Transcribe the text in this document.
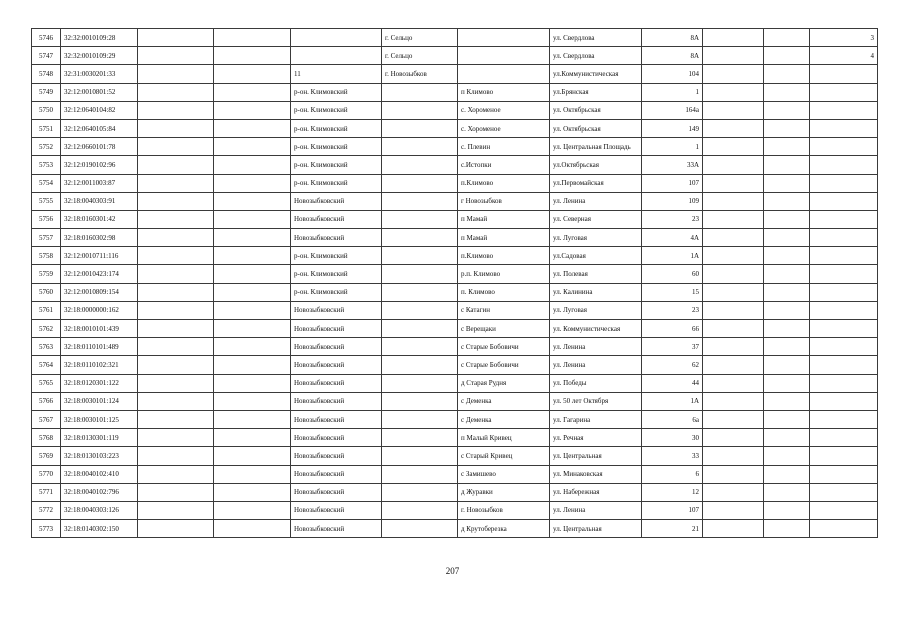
5746	32:32:0010109:28				г. Сельцо		ул. Свердлова	8А			3
5747	32:32:0010109:29				г. Сельцо		ул. Свердлова	8А			4
5748	32:31:0030201:33			11	г. Новозыбков		ул.Коммунистическая	104			
5749	32:12:0010801:52			р-он. Климовский		п Климово	ул.Брянская	1			
5750	32:12:0640104:82			р-он. Климовский		с. Хороменое	ул. Октябрьская	164а			
5751	32:12:0640105:84			р-он. Климовский		с. Хороменое	ул. Октябрьская	149			
5752	32:12:0660101:78			р-он. Климовский		с. Плевин	ул. Центральная Площадь	1			
5753	32:12:0190102:96			р-он. Климовский		с.Истопки	ул.Октябрьская	33А			
5754	32:12:0011003:87			р-он. Климовский		п.Климово	ул.Первомайская	107			
5755	32:18:0040303:91			Новозыбковский		г Новозыбков	ул. Ленина	109			
5756	32:18:0160301:42			Новозыбковский		п Мамай	ул. Северная	23			
5757	32:18:0160302:98			Новозыбковский		п Мамай	ул. Луговая	4А			
5758	32:12:0010711:116			р-он. Климовский		п.Климово	ул.Садовая	1А			
5759	32:12:0010423:174			р-он. Климовский		р.п. Климово	ул. Полевая	60			
5760	32:12:0010809:154			р-он. Климовский		п. Климово	ул. Калинина	15			
5761	32:18:0000000:162			Новозыбковский		с Катагин	ул. Луговая	23			
5762	32:18:0010101:439			Новозыбковский		с Верещаки	ул. Коммунистическая	66			
5763	32:18:0110101:489			Новозыбковский		с Старые Бобовичи	ул. Ленина	37			
5764	32:18:0110102:321			Новозыбковский		с Старые Бобовичи	ул. Ленина	62			
5765	32:18:0120301:122			Новозыбковский		д Старая Рудня	ул. Победы	44			
5766	32:18:0030101:124			Новозыбковский		с Деменка	ул. 50 лет Октября	1А			
5767	32:18:0030101:125			Новозыбковский		с Деменка	ул. Гагарина	6а			
5768	32:18:0130301:119			Новозыбковский		п Малый Кривец	ул. Речная	30			
5769	32:18:0130103:223			Новозыбковский		с Старый Кривец	ул. Центральная	33			
5770	32:18:0040102:410			Новозыбковский		с Замишево	ул. Минаковская	6			
5771	32:18:0040102:796			Новозыбковский		д Журавки	ул. Набережная	12			
5772	32:18:0040303:126			Новозыбковский		г. Новозыбков	ул. Ленина	107			
5773	32:18:0140302:150			Новозыбковский		д Крутоберезка	ул. Центральная	21			
207
